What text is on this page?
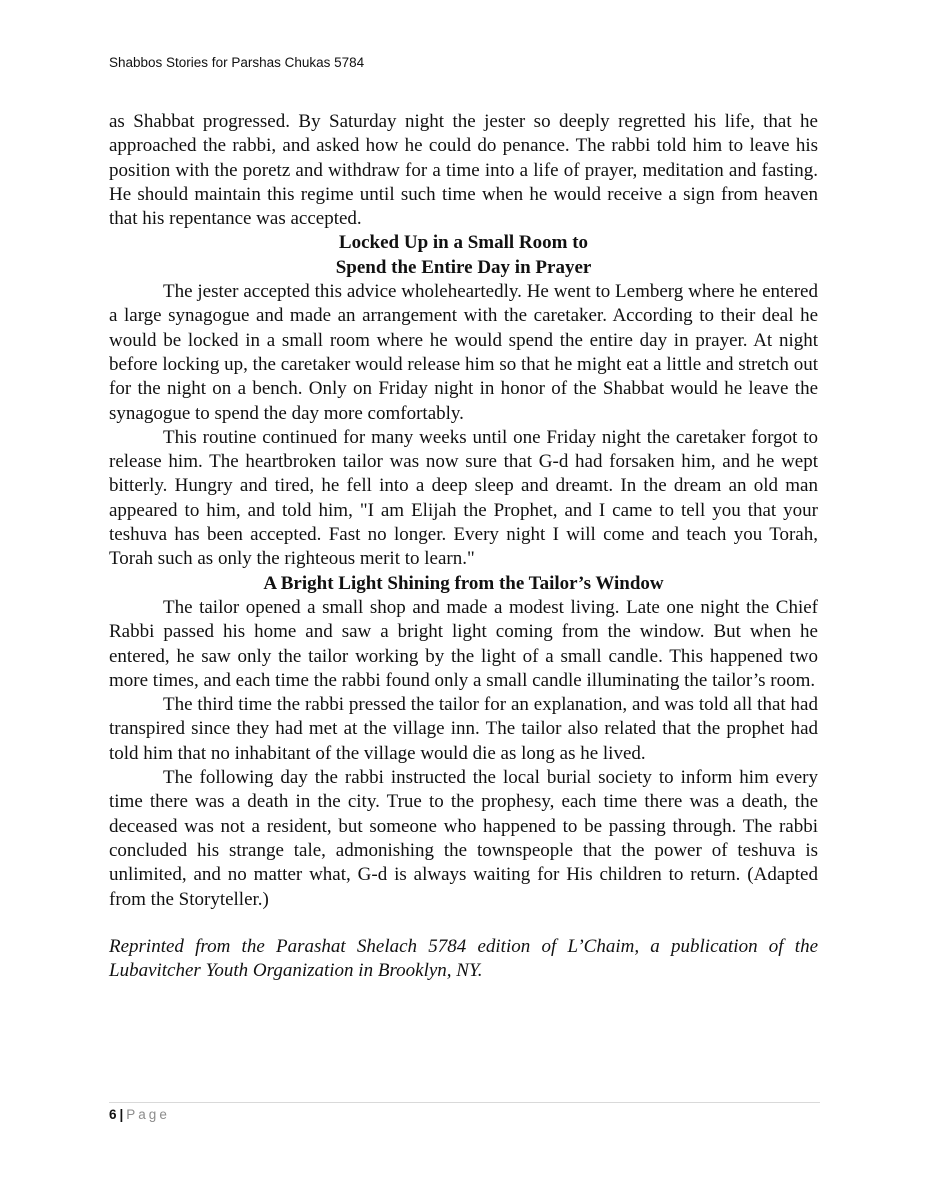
Shabbos Stories for Parshas Chukas 5784

as Shabbat progressed. By Saturday night the jester so deeply regretted his life, that he approached the rabbi, and asked how he could do penance. The rabbi told him to leave his position with the poretz and withdraw for a time into a life of prayer, meditation and fasting. He should maintain this regime until such time when he would receive a sign from heaven that his repentance was accepted.

Locked Up in a Small Room to
Spend the Entire Day in Prayer

The jester accepted this advice wholeheartedly. He went to Lemberg where he entered a large synagogue and made an arrangement with the caretaker. According to their deal he would be locked in a small room where he would spend the entire day in prayer. At night before locking up, the caretaker would release him so that he might eat a little and stretch out for the night on a bench. Only on Friday night in honor of the Shabbat would he leave the synagogue to spend the day more comfortably.

This routine continued for many weeks until one Friday night the caretaker forgot to release him. The heartbroken tailor was now sure that G-d had forsaken him, and he wept bitterly. Hungry and tired, he fell into a deep sleep and dreamt. In the dream an old man appeared to him, and told him, "I am Elijah the Prophet, and I came to tell you that your teshuva has been accepted. Fast no longer. Every night I will come and teach you Torah, Torah such as only the righteous merit to learn."

A Bright Light Shining from the Tailor’s Window

The tailor opened a small shop and made a modest living. Late one night the Chief Rabbi passed his home and saw a bright light coming from the window. But when he entered, he saw only the tailor working by the light of a small candle. This happened two more times, and each time the rabbi found only a small candle illuminating the tailor’s room.

The third time the rabbi pressed the tailor for an explanation, and was told all that had transpired since they had met at the village inn. The tailor also related that the prophet had told him that no inhabitant of the village would die as long as he lived.

The following day the rabbi instructed the local burial society to inform him every time there was a death in the city. True to the prophesy, each time there was a death, the deceased was not a resident, but someone who happened to be passing through. The rabbi concluded his strange tale, admonishing the townspeople that the power of teshuva is unlimited, and no matter what, G-d is always waiting for His children to return. (Adapted from the Storyteller.)

Reprinted from the Parashat Shelach 5784 edition of L’Chaim, a publication of the Lubavitcher Youth Organization in Brooklyn, NY.

6 | Page
